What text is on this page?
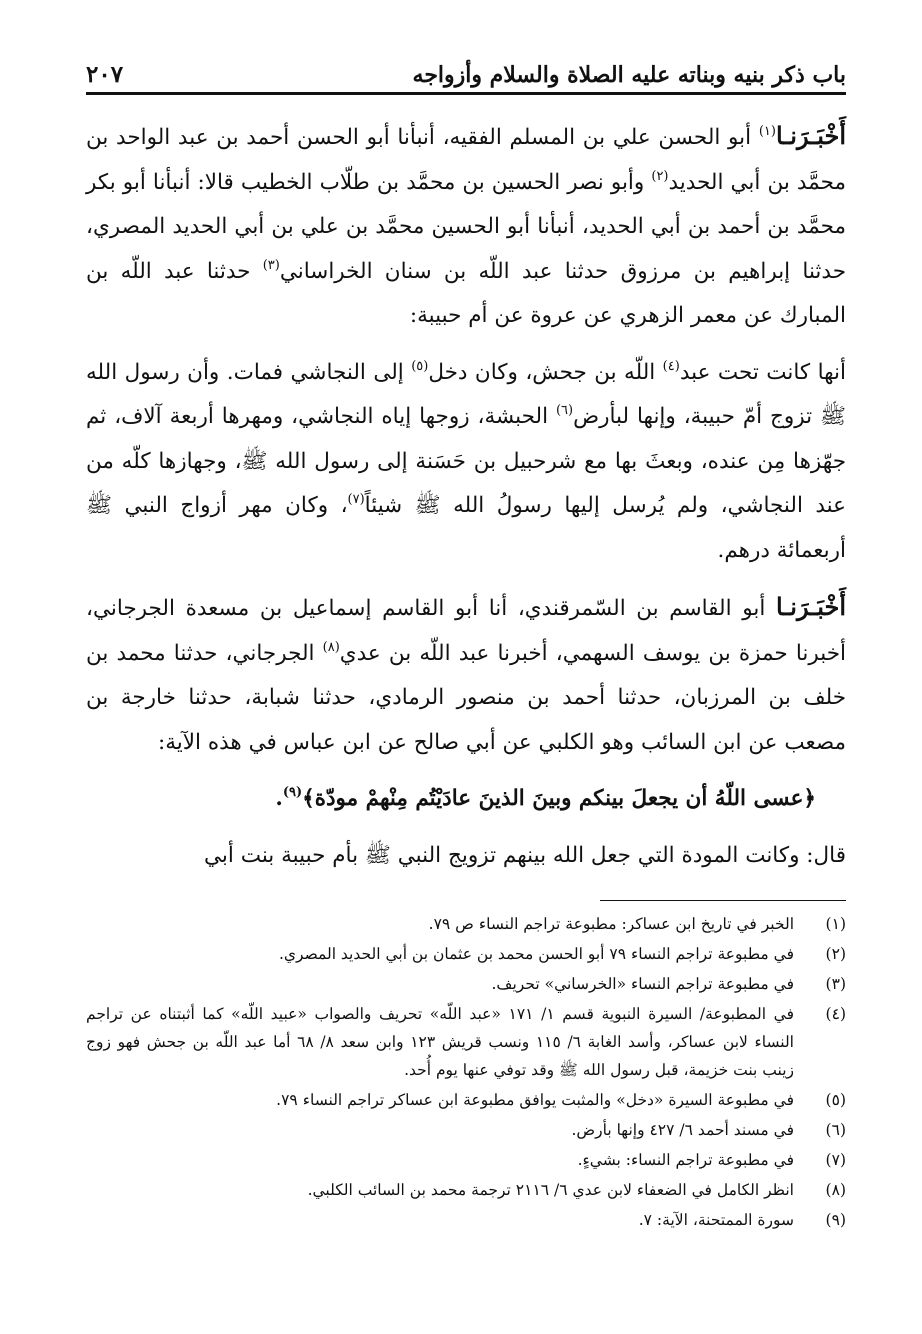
باب ذكر بنيه وبناته عليه الصلاة والسلام وأزواجه
٢٠٧

أَخْبَـرَنـا$^{(١)}$ أبو الحسن علي بن المسلم الفقيه، أنبأنا أبو الحسن أحمد بن عبد الواحد بن محمَّد بن أبي الحديد$^{(٢)}$ وأبو نصر الحسين بن محمَّد بن طلّاب الخطيب قالا: أنبأنا أبو بكر محمَّد بن أحمد بن أبي الحديد، أنبأنا أبو الحسين محمَّد بن علي بن أبي الحديد المصري، حدثنا إبراهيم بن مرزوق حدثنا عبد اللّه بن سنان الخراساني$^{(٣)}$ حدثنا عبد اللّه بن المبارك عن معمر الزهري عن عروة عن أم حبيبة:

أنها كانت تحت عبد$^{(٤)}$ اللّه بن جحش، وكان دخل$^{(٥)}$ إلى النجاشي فمات. وأن رسول الله ﷺ تزوج أمّ حبيبة، وإنها لبأرض$^{(٦)}$ الحبشة، زوجها إياه النجاشي، ومهرها أربعة آلاف، ثم جهّزها مِن عنده، وبعثَ بها مع شرحبيل بن حَسَنة إلى رسول الله ﷺ، وجهازها كلّه من عند النجاشي، ولم يُرسل إليها رسولُ الله ﷺ شيئاً$^{(٧)}$، وكان مهر أزواج النبي ﷺ أربعمائة درهم.

أَخْبَـرَنـا أبو القاسم بن السّمرقندي، أنا أبو القاسم إسماعيل بن مسعدة الجرجاني، أخبرنا حمزة بن يوسف السهمي، أخبرنا عبد اللّه بن عدي$^{(٨)}$ الجرجاني، حدثنا محمد بن خلف بن المرزبان، حدثنا أحمد بن منصور الرمادي، حدثنا شبابة، حدثنا خارجة بن مصعب عن ابن السائب وهو الكلبي عن أبي صالح عن ابن عباس في هذه الآية:

﴿عسى اللّهُ أن يجعلَ بينكم وبينَ الذينَ عادَيْتُم مِنْهمْ مودّة﴾$^{(٩)}$.

قال: وكانت المودة التي جعل الله بينهم تزويج النبي ﷺ بأم حبيبة بنت أبي

(١)
الخبر في تاريخ ابن عساكر: مطبوعة تراجم النساء ص ٧٩.
(٢)
في مطبوعة تراجم النساء ٧٩ أبو الحسن محمد بن عثمان بن أبي الحديد المصري.
(٣)
في مطبوعة تراجم النساء «الخرساني» تحريف.
(٤)
في المطبوعة/ السيرة النبوية قسم ١/ ١٧١ «عبد اللّه» تحريف والصواب «عبيد اللّه» كما أثبتناه عن تراجم النساء لابن عساكر، وأسد الغابة ٦/ ١١٥ ونسب قريش ١٢٣ وابن سعد ٨/ ٦٨ أما عبد اللّه بن جحش فهو زوج زينب بنت خزيمة، قبل رسول الله ﷺ وقد توفي عنها يوم أُحد.
(٥)
في مطبوعة السيرة «دخل» والمثبت يوافق مطبوعة ابن عساكر تراجم النساء ٧٩.
(٦)
في مسند أحمد ٦/ ٤٢٧ وإنها بأرض.
(٧)
في مطبوعة تراجم النساء: بشيءٍ.
(٨)
انظر الكامل في الضعفاء لابن عدي ٦/ ٢١١٦ ترجمة محمد بن السائب الكلبي.
(٩)
سورة الممتحنة، الآية: ٧.
